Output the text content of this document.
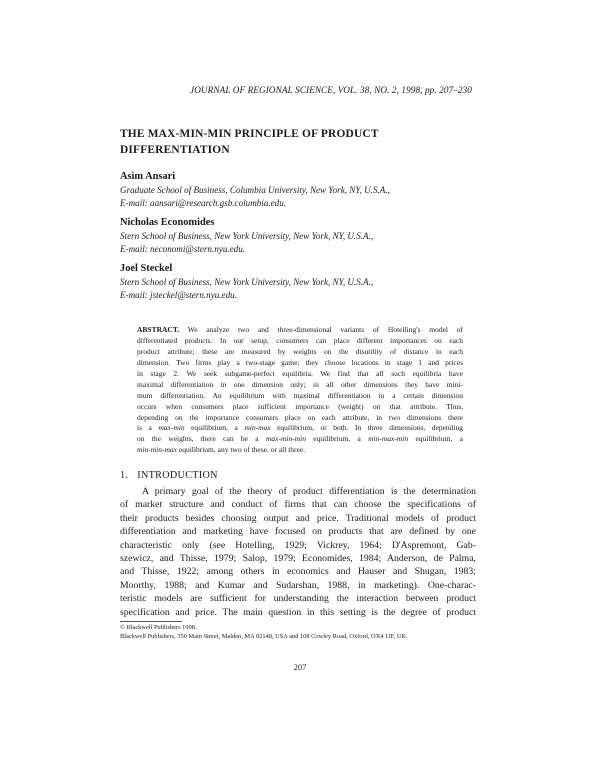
JOURNAL OF REGIONAL SCIENCE, VOL. 38, NO. 2, 1998, pp. 207–230
THE MAX-MIN-MIN PRINCIPLE OF PRODUCT
DIFFERENTIATION
Asim Ansari
Graduate School of Business, Columbia University, New York, NY, U.S.A.,
E-mail: aansari@research.gsb.columbia.edu.
Nicholas Economides
Stern School of Business, New York University, New York, NY, U.S.A.,
E-mail: neconomi@stern.nyu.edu.
Joel Steckel
Stern School of Business, New York University, New York, NY, U.S.A.,
E-mail: jsteckel@stern.nyu.edu.
ABSTRACT. We analyze two and three-dimensional variants of Hotelling's model of
differentiated products. In our setup, consumers can place different importances on each
product attribute; these are measured by weights on the disutility of distance in each
dimension. Two firms play a two-stage game; they choose locations in stage 1 and prices
in stage 2. We seek subgame-perfect equilibria. We find that all such equilibria have
maximal differentiation in one dimension only; in all other dimensions they have mini-
mum differentiation. An equilibrium with maximal differentiation in a certain dimension
occurs when consumers place sufficient importance (weight) on that attribute. Thus,
depending on the importance consumers place on each attribute, in two dimensions there
is a max-min equilibrium, a min-max equilibrium, or both. In three dimensions, depending
on the weights, there can be a max-min-min equilibrium, a min-max-min equilibrium, a
min-min-max equilibrium, any two of these, or all three.
1. INTRODUCTION
A primary goal of the theory of product differentiation is the determination
of market structure and conduct of firms that can choose the specifications of
their products besides choosing output and price. Traditional models of product
differentiation and marketing have focused on products that are defined by one
characteristic only (see Hotelling, 1929; Vickrey, 1964; D'Aspremont, Gab-
szewicz, and Thisse, 1979; Salop, 1979; Economides, 1984; Anderson, de Palma,
and Thisse, 1922; among others in economics and Hauser and Shugan, 1983;
Moorthy, 1988; and Kumar and Sudarshan, 1988, in marketing). One-charac-
teristic models are sufficient for understanding the interaction between product
specification and price. The main question in this setting is the degree of product
© Blackwell Publishers 1998.
Blackwell Publishers, 350 Main Street, Malden, MA 02148, USA and 108 Cowley Road, Oxford, OX4 1JF, UK.
207
